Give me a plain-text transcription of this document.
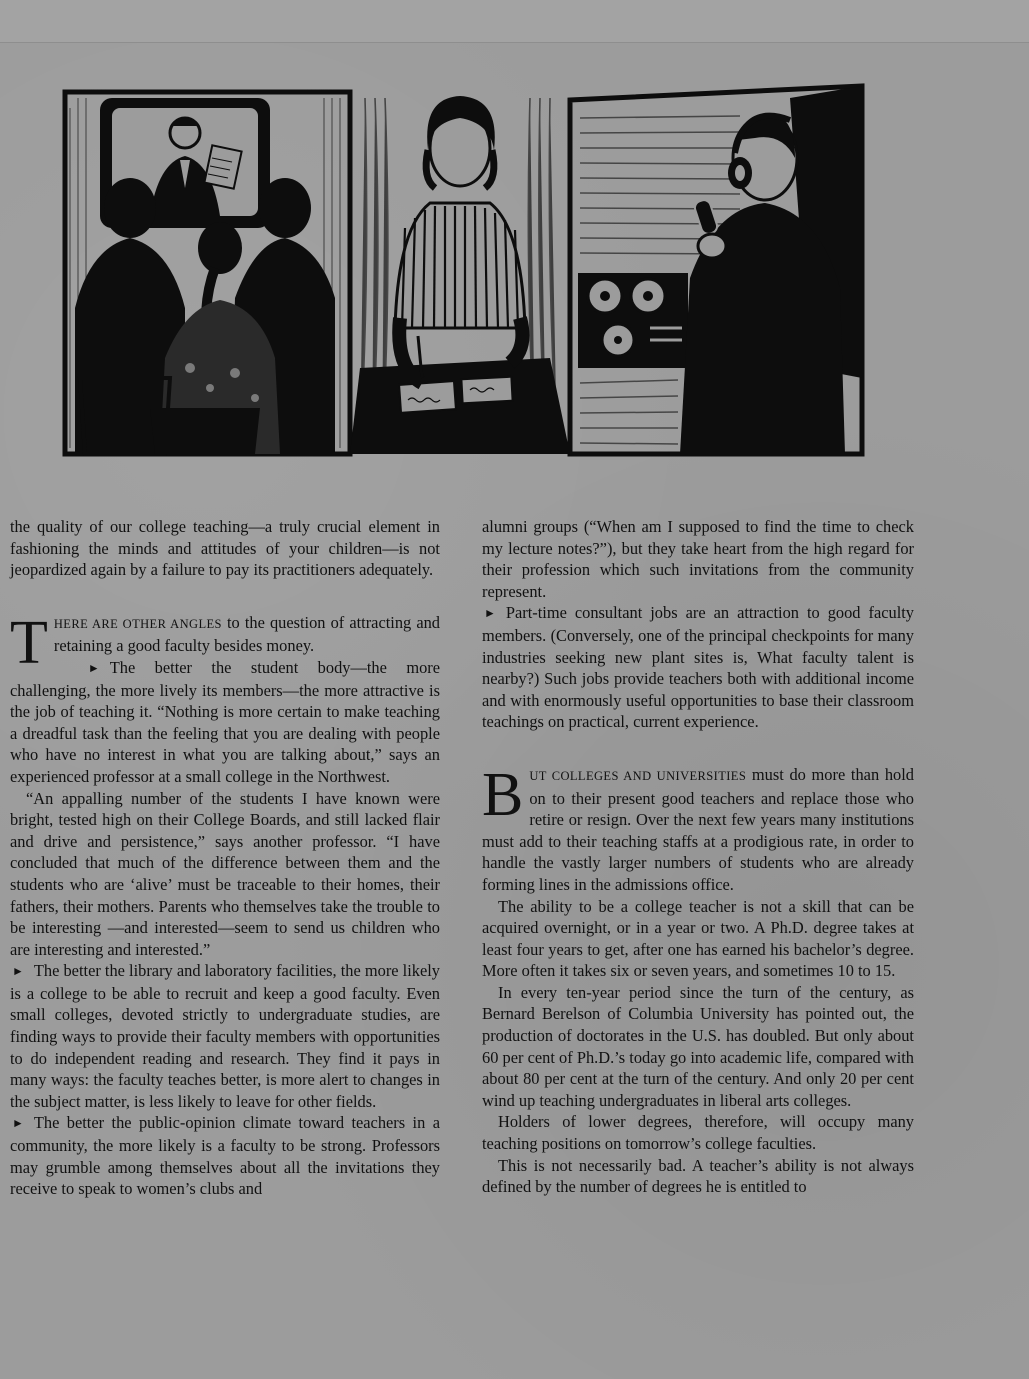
the quality of our college teaching—a truly crucial element in fashioning the minds and attitudes of your children—is not jeopardized again by a failure to pay its practitioners adequately.

THERE ARE OTHER ANGLES to the question of attracting and retaining a good faculty besides money.

► The better the student body—the more challenging, the more lively its members—the more attractive is the job of teaching it. “Nothing is more certain to make teaching a dreadful task than the feeling that you are dealing with people who have no interest in what you are talking about,” says an experienced professor at a small college in the Northwest.

“An appalling number of the students I have known were bright, tested high on their College Boards, and still lacked flair and drive and persistence,” says another professor. “I have concluded that much of the difference between them and the students who are ‘alive’ must be traceable to their homes, their fathers, their mothers. Parents who themselves take the trouble to be interesting —and interested—seem to send us children who are interesting and interested.”

► The better the library and laboratory facilities, the more likely is a college to be able to recruit and keep a good faculty. Even small colleges, devoted strictly to undergraduate studies, are finding ways to provide their faculty members with opportunities to do independent reading and research. They find it pays in many ways: the faculty teaches better, is more alert to changes in the subject matter, is less likely to leave for other fields.

► The better the public-opinion climate toward teachers in a community, the more likely is a faculty to be strong. Professors may grumble among themselves about all the invitations they receive to speak to women’s clubs and

alumni groups (“When am I supposed to find the time to check my lecture notes?”), but they take heart from the high regard for their profession which such invitations from the community represent.

► Part-time consultant jobs are an attraction to good faculty members. (Conversely, one of the principal checkpoints for many industries seeking new plant sites is, What faculty talent is nearby?) Such jobs provide teachers both with additional income and with enormously useful opportunities to base their classroom teachings on practical, current experience.

BUT COLLEGES AND UNIVERSITIES must do more than hold on to their present good teachers and replace those who retire or resign. Over the next few years many institutions must add to their teaching staffs at a prodigious rate, in order to handle the vastly larger numbers of students who are already forming lines in the admissions office.

The ability to be a college teacher is not a skill that can be acquired overnight, or in a year or two. A Ph.D. degree takes at least four years to get, after one has earned his bachelor’s degree. More often it takes six or seven years, and sometimes 10 to 15.

In every ten-year period since the turn of the century, as Bernard Berelson of Columbia University has pointed out, the production of doctorates in the U.S. has doubled. But only about 60 per cent of Ph.D.’s today go into academic life, compared with about 80 per cent at the turn of the century. And only 20 per cent wind up teaching undergraduates in liberal arts colleges.

Holders of lower degrees, therefore, will occupy many teaching positions on tomorrow’s college faculties.

This is not necessarily bad. A teacher’s ability is not always defined by the number of degrees he is entitled to
